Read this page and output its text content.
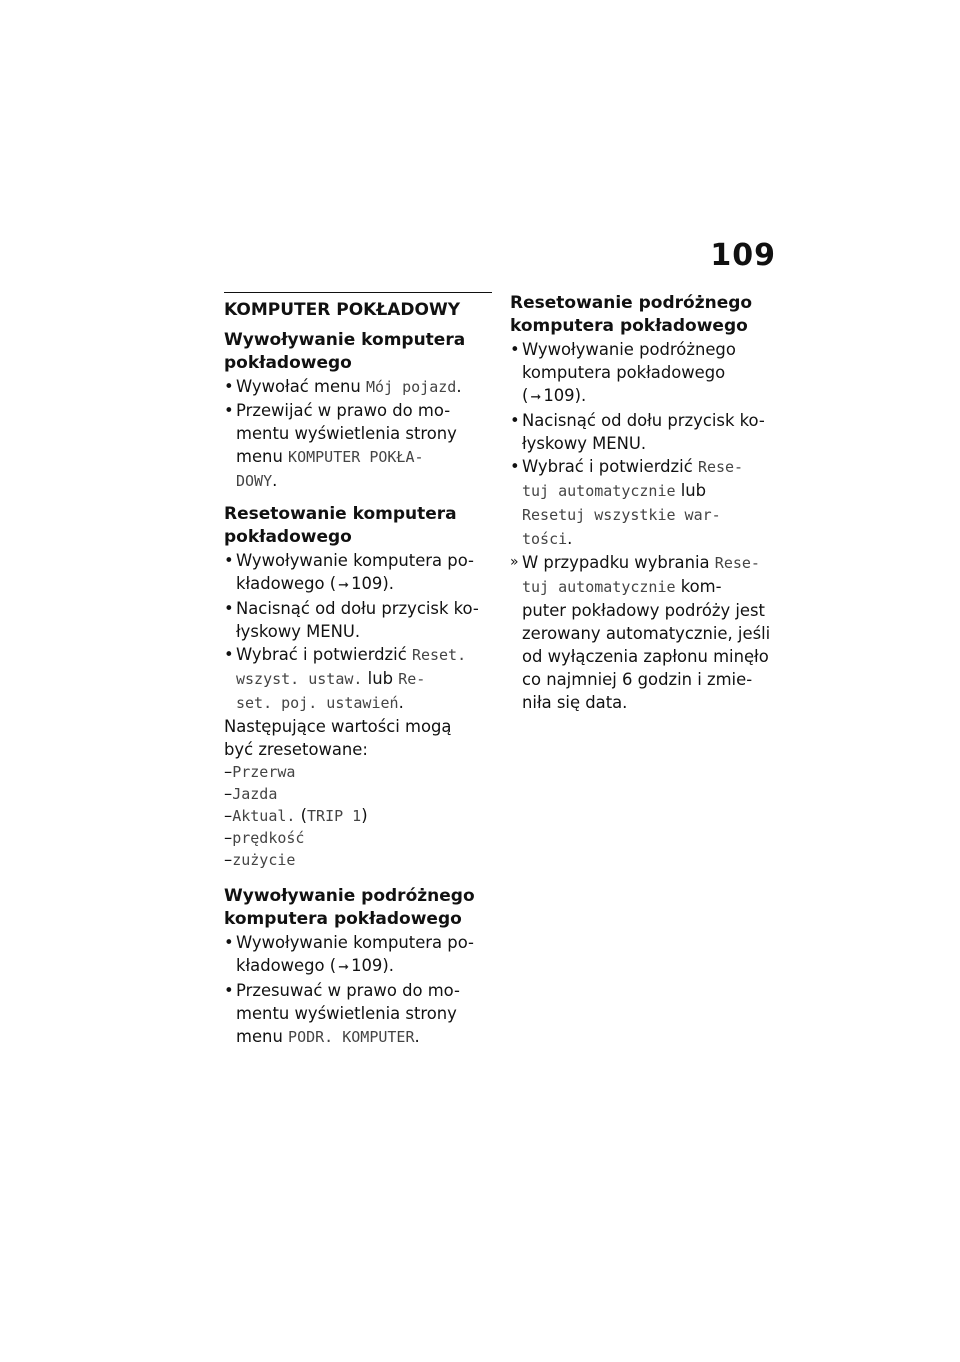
109
KOMPUTER POKŁADOWY
Wywoływanie komputera
pokładowego
• Wywołać menu Mój pojazd.
• Przewijać w prawo do mo-
mentu wyświetlenia strony
menu KOMPUTER POKŁA-
DOWY.
Resetowanie komputera
pokładowego
• Wywoływanie komputera po-
kładowego ( ➞ 109).
• Nacisnąć od dołu przycisk ko-
łyskowy MENU.
• Wybrać i potwierdzić Reset.
wszyst. ustaw. lub Re-
set. poj. ustawień.
Następujące wartości mogą
być zresetowane:
–Przerwa
–Jazda
–Aktual. (TRIP 1)
–prędkość
–zużycie
Wywoływanie podróżnego
komputera pokładowego
• Wywoływanie komputera po-
kładowego ( ➞ 109).
• Przesuwać w prawo do mo-
mentu wyświetlenia strony
menu PODR. KOMPUTER.
Resetowanie podróżnego
komputera pokładowego
• Wywoływanie podróżnego
komputera pokładowego
( ➞ 109).
• Nacisnąć od dołu przycisk ko-
łyskowy MENU.
• Wybrać i potwierdzić Rese-
tuj automatycznie lub
Resetuj wszystkie war-
tości.
» W przypadku wybrania Rese-
tuj automatycznie kom-
puter pokładowy podróży jest
zerowany automatycznie, jeśli
od wyłączenia zapłonu minęło
co najmniej 6 godzin i zmie-
niła się data.
